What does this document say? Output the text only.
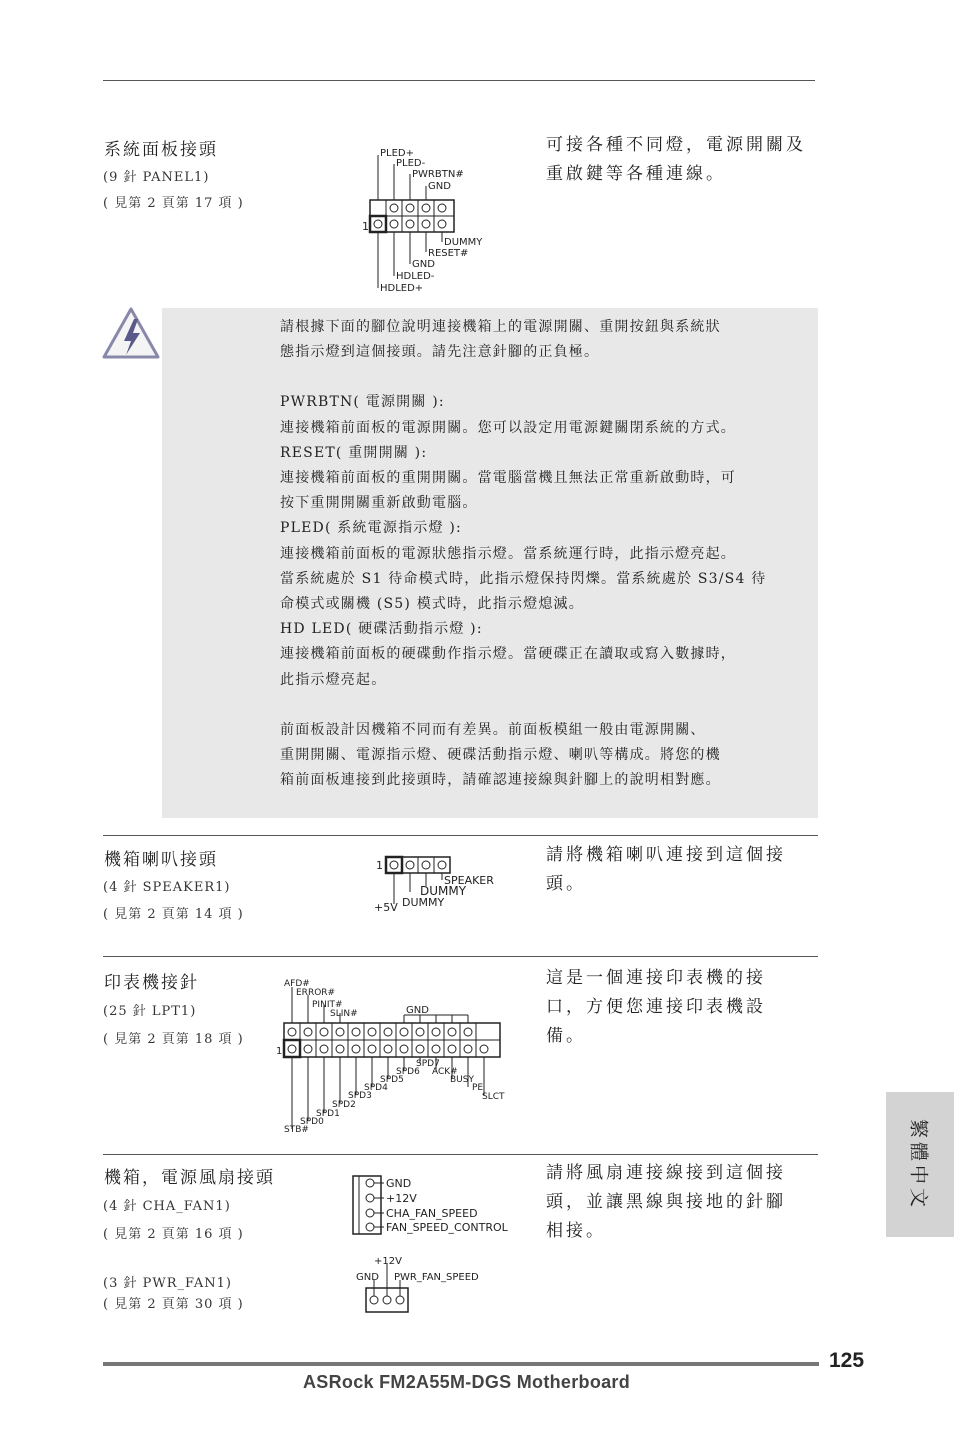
系統面板接頭
(9 針 PANEL1)
( 見第 2 頁第 17 項 )
可接各種不同燈，電源開關及
重啟鍵等各種連線。
PLED+
PLED-
PWRBTN#
GND
1
DUMMY
RESET#
GND
HDLED-
HDLED+

請根據下面的腳位說明連接機箱上的電源開關、重開按鈕與系統狀

態指示燈到這個接頭。請先注意針腳的正負極。

PWRBTN( 電源開關 ):

連接機箱前面板的電源開關。您可以設定用電源鍵關閉系統的方式。

RESET( 重開開關 ):

連接機箱前面板的重開開關。當電腦當機且無法正常重新啟動時，可

按下重開開關重新啟動電腦。

PLED( 系統電源指示燈 ):

連接機箱前面板的電源狀態指示燈。當系統運行時，此指示燈亮起。

當系統處於 S1 待命模式時，此指示燈保持閃爍。當系統處於 S3/S4 待

命模式或關機 (S5) 模式時，此指示燈熄滅。

HD LED( 硬碟活動指示燈 ):

連接機箱前面板的硬碟動作指示燈。當硬碟正在讀取或寫入數據時，

此指示燈亮起。

前面板設計因機箱不同而有差異。前面板模組一般由電源開關、

重開開關、電源指示燈、硬碟活動指示燈、喇叭等構成。將您的機

箱前面板連接到此接頭時，請確認連接線與針腳上的說明相對應。

機箱喇叭接頭
(4 針 SPEAKER1)
( 見第 2 頁第 14 項 )
請將機箱喇叭連接到這個接
頭。
1
SPEAKER
DUMMY
+5V DUMMY
印表機接針
(25 針 LPT1)
( 見第 2 頁第 18 項 )
這是一個連接印表機的接
口，方便您連接印表機設
備。
AFD#
ERROR#
PINIT#
SLIN#	GND
1
SPD7
SPD6 ACK#
SPD5	BUSY
SPD4	PE
SPD3	SLCT
SPD2
SPD1
SPD0
STB#
機箱，電源風扇接頭
(4 針 CHA_FAN1)
( 見第 2 頁第 16 項 )
請將風扇連接線接到這個接
頭，並讓黑線與接地的針腳
相接。
GND
+12V
CHA_FAN_SPEED
FAN_SPEED_CONTROL
(3 針 PWR_FAN1)
( 見第 2 頁第 30 項 )
+12V
GND PWR_FAN_SPEED
繁體中文
125
ASRock FM2A55M-DGS Motherboard
